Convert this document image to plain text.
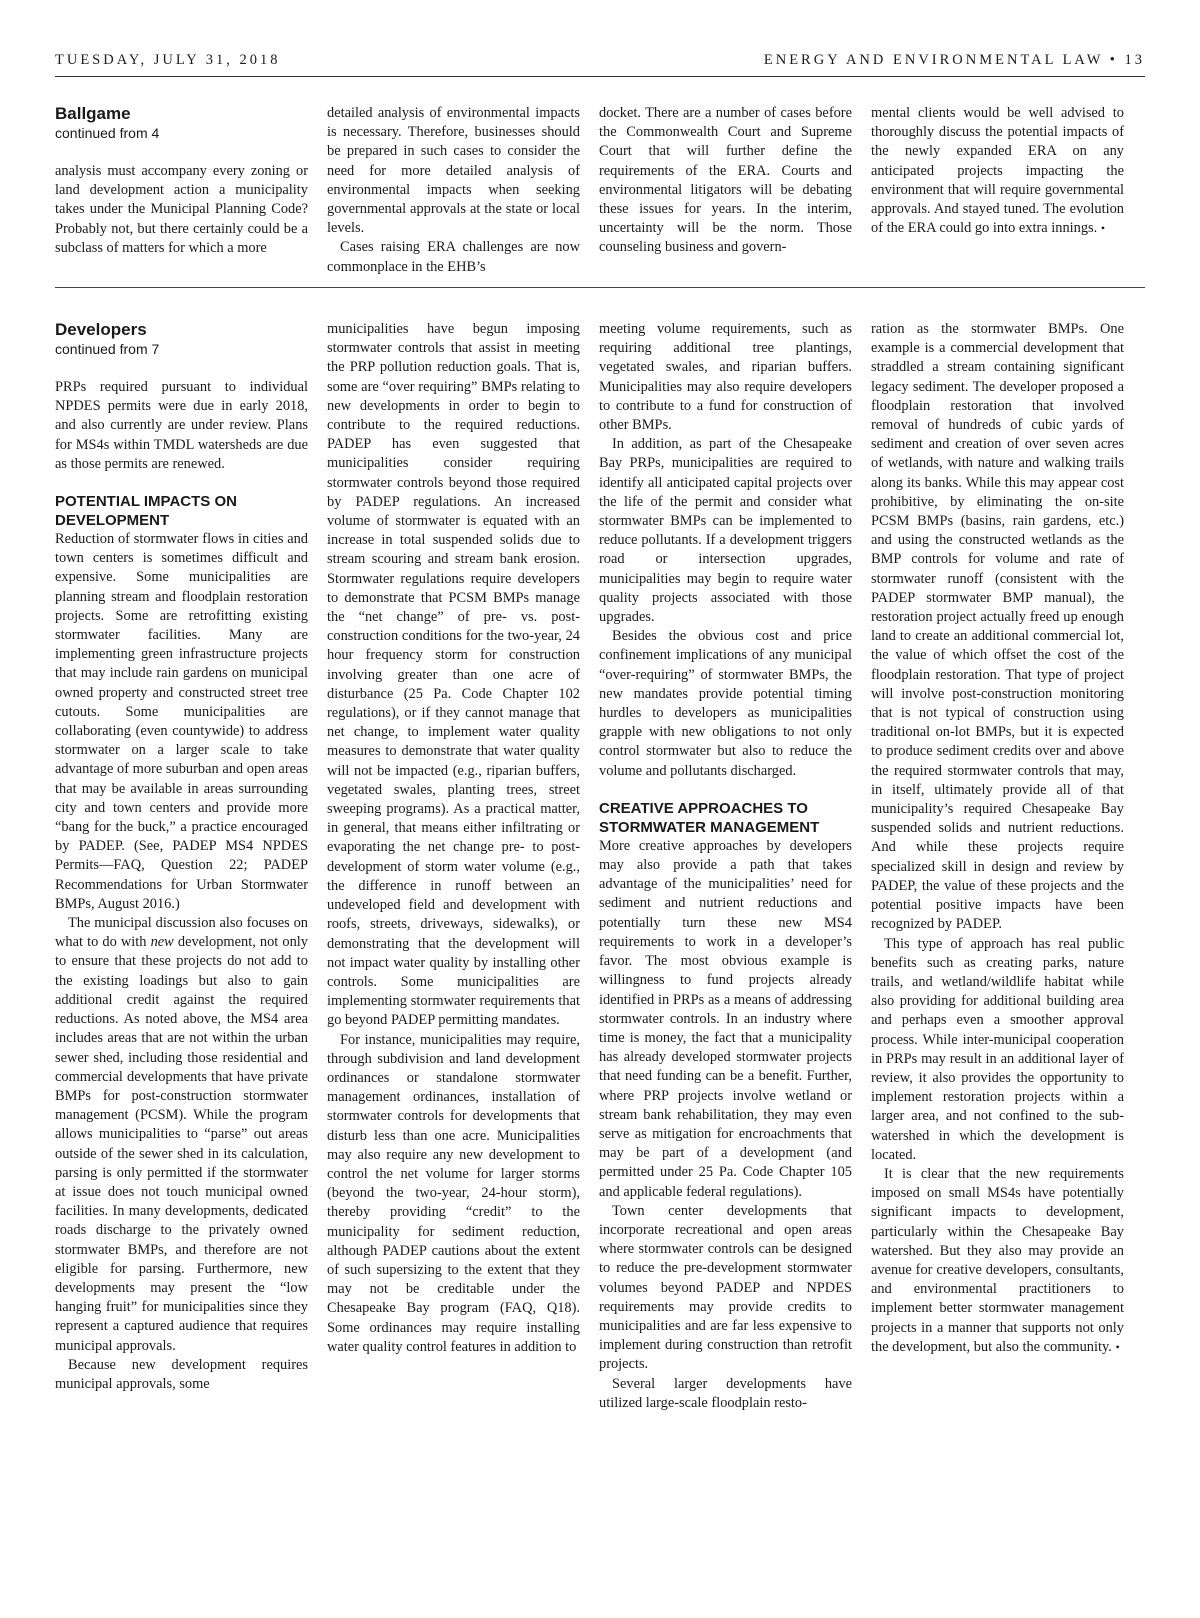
TUESDAY, JULY 31, 2018	ENERGY AND ENVIRONMENTAL LAW • 13
Ballgame
continued from 4

analysis must accompany every zoning or land development action a municipality takes under the Municipal Planning Code? Probably not, but there certainly could be a subclass of matters for which a more

detailed analysis of environmental impacts is necessary. Therefore, businesses should be prepared in such cases to consider the need for more detailed analysis of environmental impacts when seeking governmental approvals at the state or local levels.

Cases raising ERA challenges are now commonplace in the EHB’s

docket. There are a number of cases before the Commonwealth Court and Supreme Court that will further define the requirements of the ERA. Courts and environmental litigators will be debating these issues for years. In the interim, uncertainty will be the norm. Those counseling business and govern-

mental clients would be well advised to thoroughly discuss the potential impacts of the newly expanded ERA on any anticipated projects impacting the environment that will require governmental approvals. And stayed tuned. The evolution of the ERA could go into extra innings. •

Developers
continued from 7

PRPs required pursuant to individual NPDES permits were due in early 2018, and also currently are under review. Plans for MS4s within TMDL watersheds are due as those permits are renewed.

POTENTIAL IMPACTS ON DEVELOPMENT

Reduction of stormwater flows in cities and town centers is sometimes difficult and expensive. Some municipalities are planning stream and floodplain restoration projects. Some are retrofitting existing stormwater facilities. Many are implementing green infrastructure projects that may include rain gardens on municipal owned property and constructed street tree cutouts. Some municipalities are collaborating (even countywide) to address stormwater on a larger scale to take advantage of more suburban and open areas that may be available in areas surrounding city and town centers and provide more “bang for the buck,” a practice encouraged by PADEP. (See, PADEP MS4 NPDES Permits—FAQ, Question 22; PADEP Recommendations for Urban Stormwater BMPs, August 2016.)

The municipal discussion also focuses on what to do with new development, not only to ensure that these projects do not add to the existing loadings but also to gain additional credit against the required reductions. As noted above, the MS4 area includes areas that are not within the urban sewer shed, including those residential and commercial developments that have private BMPs for post-construction stormwater management (PCSM). While the program allows municipalities to “parse” out areas outside of the sewer shed in its calculation, parsing is only permitted if the stormwater at issue does not touch municipal owned facilities. In many developments, dedicated roads discharge to the privately owned stormwater BMPs, and therefore are not eligible for parsing. Furthermore, new developments may present the “low hanging fruit” for municipalities since they represent a captured audience that requires municipal approvals.

Because new development requires municipal approvals, some

municipalities have begun imposing stormwater controls that assist in meeting the PRP pollution reduction goals. That is, some are “over requiring” BMPs relating to new developments in order to begin to contribute to the required reductions. PADEP has even suggested that municipalities consider requiring stormwater controls beyond those required by PADEP regulations. An increased volume of stormwater is equated with an increase in total suspended solids due to stream scouring and stream bank erosion. Stormwater regulations require developers to demonstrate that PCSM BMPs manage the “net change” of pre- vs. post-construction conditions for the two-year, 24 hour frequency storm for construction involving greater than one acre of disturbance (25 Pa. Code Chapter 102 regulations), or if they cannot manage that net change, to implement water quality measures to demonstrate that water quality will not be impacted (e.g., riparian buffers, vegetated swales, planting trees, street sweeping programs). As a practical matter, in general, that means either infiltrating or evaporating the net change pre- to post-development of storm water volume (e.g., the difference in runoff between an undeveloped field and development with roofs, streets, driveways, sidewalks), or demonstrating that the development will not impact water quality by installing other controls. Some municipalities are implementing stormwater requirements that go beyond PADEP permitting mandates.

For instance, municipalities may require, through subdivision and land development ordinances or standalone stormwater management ordinances, installation of stormwater controls for developments that disturb less than one acre. Municipalities may also require any new development to control the net volume for larger storms (beyond the two-year, 24-hour storm), thereby providing “credit” to the municipality for sediment reduction, although PADEP cautions about the extent of such supersizing to the extent that they may not be creditable under the Chesapeake Bay program (FAQ, Q18). Some ordinances may require installing water quality control features in addition to

meeting volume requirements, such as requiring additional tree plantings, vegetated swales, and riparian buffers. Municipalities may also require developers to contribute to a fund for construction of other BMPs.

In addition, as part of the Chesapeake Bay PRPs, municipalities are required to identify all anticipated capital projects over the life of the permit and consider what stormwater BMPs can be implemented to reduce pollutants. If a development triggers road or intersection upgrades, municipalities may begin to require water quality projects associated with those upgrades.

Besides the obvious cost and price confinement implications of any municipal “over-requiring” of stormwater BMPs, the new mandates provide potential timing hurdles to developers as municipalities grapple with new obligations to not only control stormwater but also to reduce the volume and pollutants discharged.

CREATIVE APPROACHES TO STORMWATER MANAGEMENT

More creative approaches by developers may also provide a path that takes advantage of the municipalities’ need for sediment and nutrient reductions and potentially turn these new MS4 requirements to work in a developer’s favor. The most obvious example is willingness to fund projects already identified in PRPs as a means of addressing stormwater controls. In an industry where time is money, the fact that a municipality has already developed stormwater projects that need funding can be a benefit. Further, where PRP projects involve wetland or stream bank rehabilitation, they may even serve as mitigation for encroachments that may be part of a development (and permitted under 25 Pa. Code Chapter 105 and applicable federal regulations).

Town center developments that incorporate recreational and open areas where stormwater controls can be designed to reduce the pre-development stormwater volumes beyond PADEP and NPDES requirements may provide credits to municipalities and are far less expensive to implement during construction than retrofit projects.

Several larger developments have utilized large-scale floodplain resto-

ration as the stormwater BMPs. One example is a commercial development that straddled a stream containing significant legacy sediment. The developer proposed a floodplain restoration that involved removal of hundreds of cubic yards of sediment and creation of over seven acres of wetlands, with nature and walking trails along its banks. While this may appear cost prohibitive, by eliminating the on-site PCSM BMPs (basins, rain gardens, etc.) and using the constructed wetlands as the BMP controls for volume and rate of stormwater runoff (consistent with the PADEP stormwater BMP manual), the restoration project actually freed up enough land to create an additional commercial lot, the value of which offset the cost of the floodplain restoration. That type of project will involve post-construction monitoring that is not typical of construction using traditional on-lot BMPs, but it is expected to produce sediment credits over and above the required stormwater controls that may, in itself, ultimately provide all of that municipality’s required Chesapeake Bay suspended solids and nutrient reductions. And while these projects require specialized skill in design and review by PADEP, the value of these projects and the potential positive impacts have been recognized by PADEP.

This type of approach has real public benefits such as creating parks, nature trails, and wetland/wildlife habitat while also providing for additional building area and perhaps even a smoother approval process. While inter-municipal cooperation in PRPs may result in an additional layer of review, it also provides the opportunity to implement restoration projects within a larger area, and not confined to the sub-watershed in which the development is located.

It is clear that the new requirements imposed on small MS4s have potentially significant impacts to development, particularly within the Chesapeake Bay watershed. But they also may provide an avenue for creative developers, consultants, and environmental practitioners to implement better stormwater management projects in a manner that supports not only the development, but also the community. •
